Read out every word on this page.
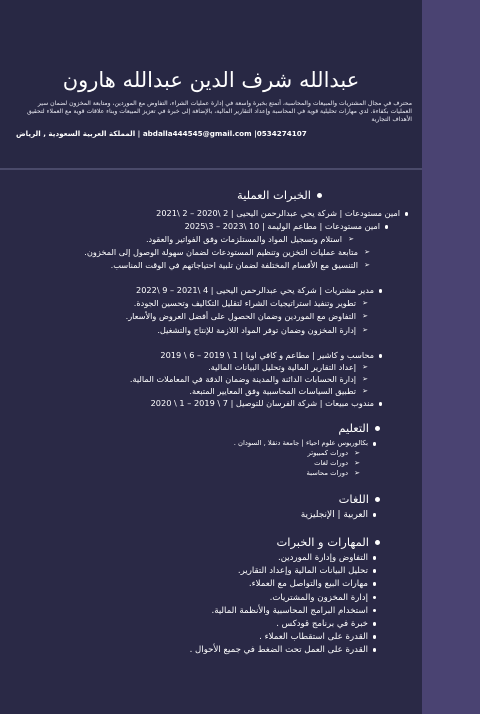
عبدالله شرف الدين عبدالله هارون
محترف في مجال المشتريات والمبيعات والمحاسبة، أتمتع بخبرة واسعة في إدارة عمليات الشراء، التفاوض مع الموردين، ومتابعة المخزون لضمان سير العمليات بكفاءة. لدي مهارات تحليلية قوية في المحاسبة وإعداد التقارير المالية، بالإضافة إلى خبرة في تعزيز المبيعات وبناء علاقات قوية مع العملاء لتحقيق الأهداف التجارية
0534274107| abdalla444545@gmail.com | المملكة العربية السعودية , الرياض
الخبرات العملية
امين مستودعات | شركة يحي عبدالرحمن اليحيى | 2 \2020 – 2 \2021
امين مستودعات | مطاعم الوليمة | 10 \2023 – 3\2025
➢ استلام وتسجيل المواد والمستلزمات وفق الفواتير والعقود.
➢ متابعة عمليات التخزين وتنظيم المستودعات لضمان سهولة الوصول إلى المخزون.
➢ التنسيق مع الأقسام المختلفة لضمان تلبية احتياجاتهم في الوقت المناسب.
مدير مشتريات | شركة يحي عبدالرحمن اليحيى | 4 \2021 – 9 \2022
➢ تطوير وتنفيذ استراتيجيات الشراء لتقليل التكاليف وتحسين الجودة.
➢ التفاوض مع الموردين وضمان الحصول على أفضل العروض والأسعار.
➢ إدارة المخزون وضمان توفر المواد اللازمة للإنتاج والتشغيل.
محاسب و كاشير | مطاعم و كافي اوبا | 1 \ 2019 – 6 \ 2019
➢ إعداد التقارير المالية وتحليل البيانات المالية.
➢ إدارة الحسابات الدائنة والمدينة وضمان الدقة في المعاملات المالية.
➢ تطبيق السياسات المحاسبية وفق المعايير المتبعة.
مندوب مبيعات | شركة الفرسان للتوصيل | 7 \ 2019 – 1 \ 2020
التعليم
بكالوريوس علوم احياء | جامعة دنقلا , السودان .
➢ دورات كمبيوتر
➢ دورات لغات
➢ دورات محاسبة
اللغات
العربية | الإنجليزية
المهارات و الخبرات
التفاوض وإدارة الموردين.
تحليل البيانات المالية وإعداد التقارير.
مهارات البيع والتواصل مع العملاء.
إدارة المخزون والمشتريات.
استخدام البرامج المحاسبية والأنظمة المالية.
خبرة في برنامج قودكس .
القدرة على استقطاب العملاء .
القدرة على العمل تحت الضغط في جميع الأحوال .
